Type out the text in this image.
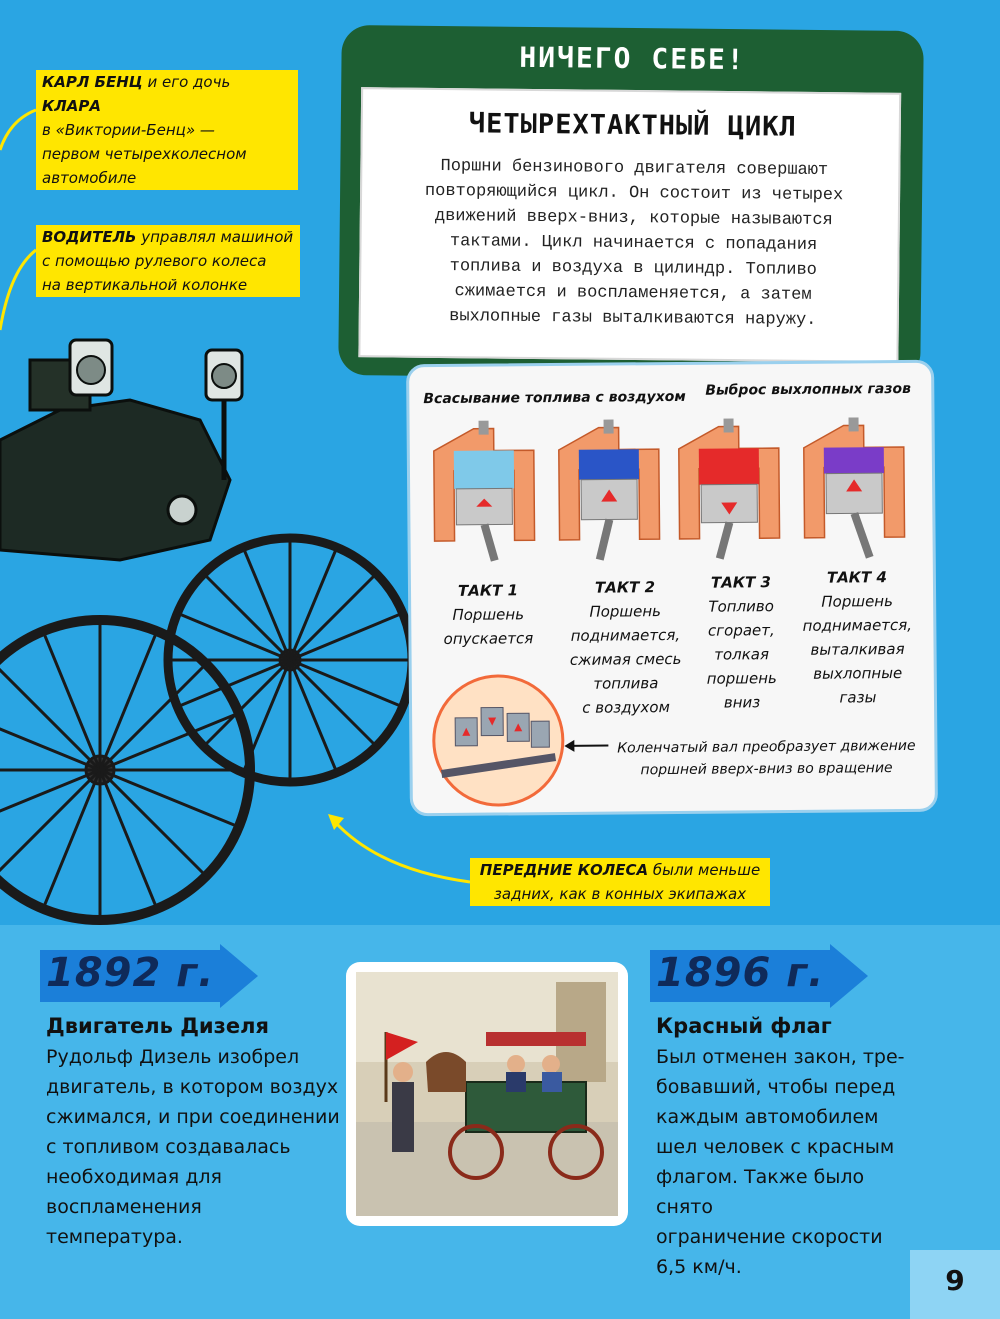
КАРЛ БЕНЦ и его дочь КЛАРА
в «Виктории-Бенц» —
первом четырехколесном
автомобиле
ВОДИТЕЛЬ управлял машиной
с помощью рулевого колеса
на вертикальной колонке
ПЕРЕДНИЕ КОЛЕСА были меньше
задних, как в конных экипажах
НИЧЕГО СЕБЕ!
ЧЕТЫРЕХТАКТНЫЙ ЦИКЛ
Поршни бензинового двигателя совершают
повторяющийся цикл. Он состоит из четырех
движений вверх-вниз, которые называются
тактами. Цикл начинается с попадания
топлива и воздуха в цилиндр. Топливо
сжимается и воспламеняется, а затем
выхлопные газы выталкиваются наружу.
Всасывание топлива с воздухом Выброс выхлопных газов
ТАКТ 1
Поршень
опускается
ТАКТ 2
Поршень
поднимается,
сжимая смесь
топлива
с воздухом
ТАКТ 3
Топливо
сгорает,
толкая
поршень
вниз
ТАКТ 4
Поршень
поднимается,
выталкивая
выхлопные
газы
Коленчатый вал преобразует движение
поршней вверх-вниз во вращение
1892 г.	1896 г.
Двигатель Дизеля
Рудольф Дизель изобрел
двигатель, в котором воздух
сжимался, и при соединении
с топливом создавалась
необходимая для
воспламенения температура.
Красный флаг
Был отменен закон, тре-
бовавший, чтобы перед
каждым автомобилем
шел человек с красным
флагом. Также было снято
ограничение скорости
6,5 км/ч.	9
